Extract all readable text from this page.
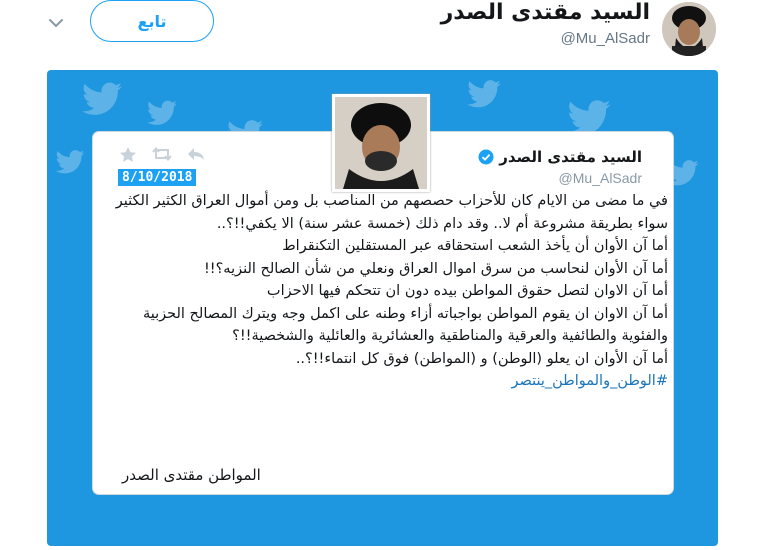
السيد مقتدى الصدر
@Mu_AlSadr
تابع
السيد مقتدى الصدر
@Mu_AlSadr
8/10/2018

في ما مضى من الايام كان للأحزاب حصصهم من المناصب بل ومن أموال العراق الكثير الكثير سواء بطريقة مشروعة أم لا.. وقد دام ذلك (خمسة عشر سنة) الا يكفي!!؟..

أما آن الأوان أن يأخذ الشعب استحقاقه عبر المستقلين التكنقراط

أما آن الأوان لنحاسب من سرق اموال العراق ونعلي من شأن الصالح النزيه؟!!

أما آن الاوان لتصل حقوق المواطن بيده دون ان تتحكم فيها الاحزاب

أما آن الاوان ان يقوم المواطن بواجباته أزاء وطنه على اكمل وجه ويترك المصالح الحزبية والفئوية والطائفية والعرقية والمناطقية والعشائرية والعائلية والشخصية!!؟

أما آن الأوان ان يعلو (الوطن) و (المواطن) فوق كل انتماء!!؟..

#الوطن_والمواطن_ينتصر

المواطن مقتدى الصدر
